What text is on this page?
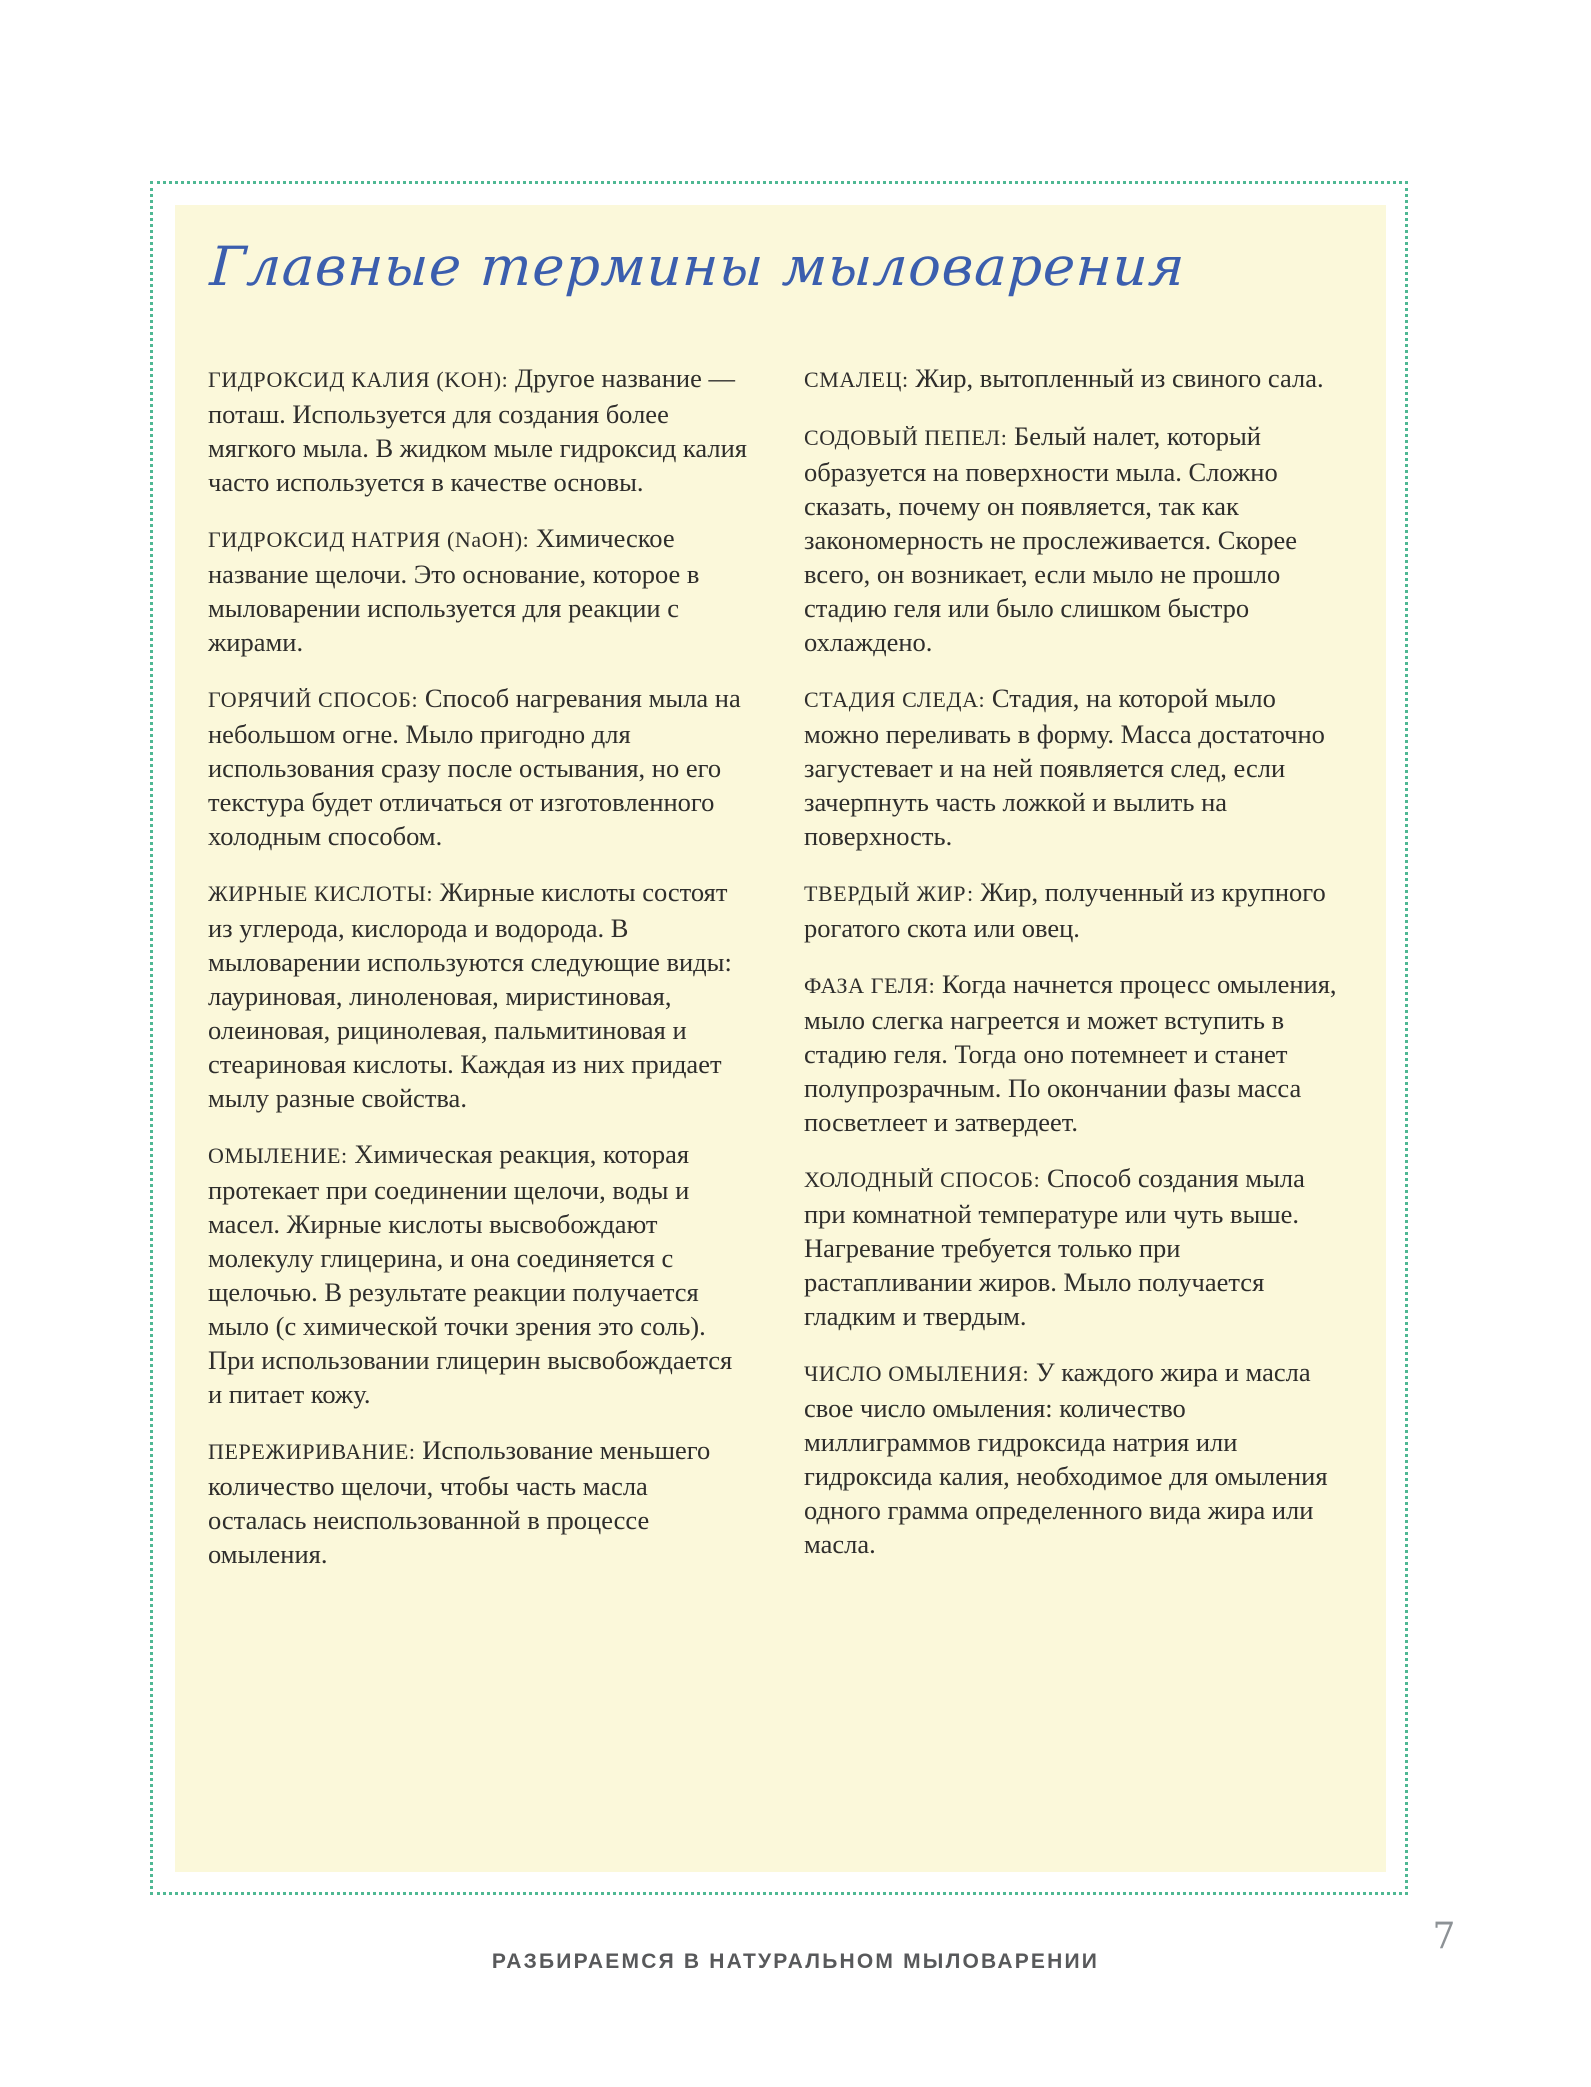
Главные термины мыловарения

ГИДРОКСИД КАЛИЯ (KOH): Другое название — поташ. Используется для создания более мягкого мыла. В жидком мыле гидроксид калия часто используется в качестве основы.

ГИДРОКСИД НАТРИЯ (NaOH): Химическое название щелочи. Это основание, которое в мыловарении используется для реакции с жирами.

ГОРЯЧИЙ СПОСОБ: Способ нагревания мыла на небольшом огне. Мыло пригодно для использования сразу после остывания, но его текстура будет отличаться от изготовленного холодным способом.

ЖИРНЫЕ КИСЛОТЫ: Жирные кислоты состоят из углерода, кислорода и водорода. В мыловарении используются следующие виды: лауриновая, линоленовая, миристиновая, олеиновая, рицинолевая, пальмитиновая и стеариновая кислоты. Каждая из них придает мылу разные свойства.

ОМЫЛЕНИЕ: Химическая реакция, которая протекает при соединении щелочи, воды и масел. Жирные кислоты высвобождают молекулу глицерина, и она соединяется с щелочью. В результате реакции получается мыло (с химической точки зрения это соль). При использовании глицерин высвобождается и питает кожу.

ПЕРЕЖИРИВАНИЕ: Использование меньшего количество щелочи, чтобы часть масла осталась неиспользованной в процессе омыления.

СМАЛЕЦ: Жир, вытопленный из свиного сала.

СОДОВЫЙ ПЕПЕЛ: Белый налет, который образуется на поверхности мыла. Сложно сказать, почему он появляется, так как закономерность не прослеживается. Скорее всего, он возникает, если мыло не прошло стадию геля или было слишком быстро охлаждено.

СТАДИЯ СЛЕДА: Стадия, на которой мыло можно переливать в форму. Масса достаточно загустевает и на ней появляется след, если зачерпнуть часть ложкой и вылить на поверхность.

ТВЕРДЫЙ ЖИР: Жир, полученный из крупного рогатого скота или овец.

ФАЗА ГЕЛЯ: Когда начнется процесс омыления, мыло слегка нагреется и может вступить в стадию геля. Тогда оно потемнеет и станет полупрозрачным. По окончании фазы масса посветлеет и затвердеет.

ХОЛОДНЫЙ СПОСОБ: Способ создания мыла при комнатной температуре или чуть выше. Нагревание требуется только при растапливании жиров. Мыло получается гладким и твердым.

ЧИСЛО ОМЫЛЕНИЯ: У каждого жира и масла свое число омыления: количество миллиграммов гидроксида натрия или гидроксида калия, необходимое для омыления одного грамма определенного вида жира или масла.

РАЗБИРАЕМСЯ В НАТУРАЛЬНОМ МЫЛОВАРЕНИИ
7
